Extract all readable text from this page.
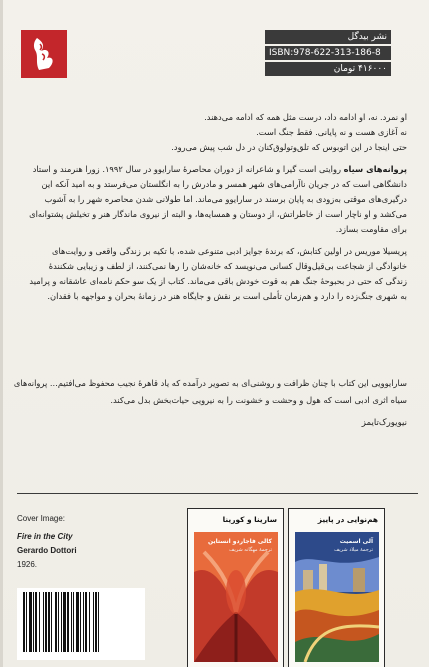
نشر بیدگل
ISBN:978-622-313-186-8
۴۱۶۰۰۰ تومان
او نمرد. نه، او ادامه داد، درست مثل همه که ادامه می‌دهند.
نه آغازی هست و نه پایانی. فقط جنگ است.
حتی اینجا در این اتوبوس که تلق‌وتولوق‌کنان در دل شب پیش می‌رود.
پروانه‌های سیاه روایتی است گیرا و شاعرانه از دوران محاصرهٔ سارایوو در سال ۱۹۹۲. زورا هنرمند و استاد دانشگاهی است که در جریان ناآرامی‌های شهر همسر و مادرش را به انگلستان می‌فرستد و به امید آنکه این درگیری‌های موقتی به‌زودی به پایان برسند در سارایوو می‌ماند. اما طولانی شدن محاصره شهر را به آشوب می‌کشد و او ناچار است از خاطراتش، از دوستان و همسایه‌ها، و البته از نیروی ماندگار هنر و تخیلش پشتوانه‌ای برای مقاومت بسازد.
پریسیلا موریس در اولین کتابش، که برندهٔ جوایز ادبی متنوعی شده، با تکیه بر زندگی واقعی و روایت‌های خانوادگی از شجاعت بی‌قیل‌وقال کسانی می‌نویسد که خانه‌شان را رها نمی‌کنند، از لطف و زیبایی شکنندهٔ زندگی که حتی در بحبوحهٔ جنگ هم به قوت خودش باقی می‌ماند. کتاب از یک سو حکم نامه‌ای عاشقانه و پرامید به شهری جنگ‌زده را دارد و هم‌زمان تأملی است بر نقش و جایگاه هنر در زمانهٔ بحران و مواجهه با فقدان.
سارایوویی این کتاب با چنان ظرافت و روشنی‌ای به تصویر درآمده که یاد قاهرهٔ نجیب محفوظ می‌افتیم... پروانه‌های سیاه اثری ادبی است که هول و وحشت و خشونت را به نیرویی حیات‌بخش بدل می‌کند.
نیویورک‌تایمز
Cover Image:
Fire in the City
Gerardo Dottori
1926.
سارینا و کورینا
کالی فاجاردو انستاین
ترجمهٔ مهگانه شریف
هم‌نوایی در پاییز
آلی اسمیت
ترجمهٔ میلاد شریف
